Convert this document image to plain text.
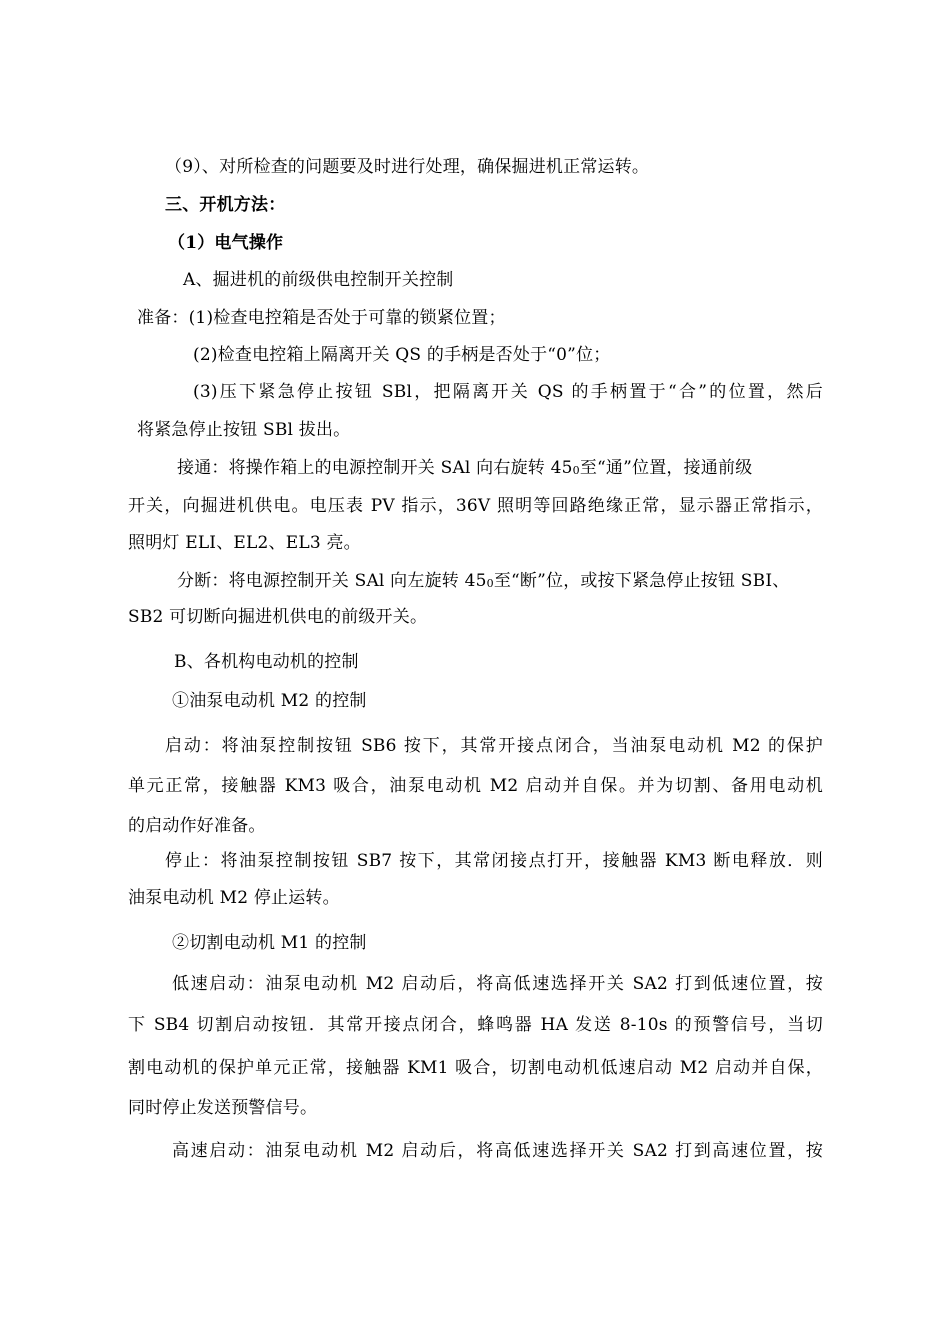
（9）、对所检查的问题要及时进行处理，确保掘进机正常运转。
三、开机方法：
（1）电气操作
A、掘进机的前级供电控制开关控制
准备：(1)检查电控箱是否处于可靠的锁紧位置；
(2)检查电控箱上隔离开关 QS 的手柄是否处于“0”位；
(3)压下紧急停止按钮 SBl，把隔离开关 QS 的手柄置于“合”的位置，然后
将紧急停止按钮 SBl 拔出。
接通：将操作箱上的电源控制开关 SAl 向右旋转 $45_0$至“通”位置，接通前级
开关，向掘进机供电。电压表 PV 指示，36V 照明等回路绝缘正常，显示器正常指示，
照明灯 ELI、EL2、EL3 亮。
分断：将电源控制开关 SAl 向左旋转 $45_0$至“断”位，或按下紧急停止按钮 SBI、
SB2 可切断向掘进机供电的前级开关。
B、各机构电动机的控制
①油泵电动机 M2 的控制
启动：将油泵控制按钮 SB6 按下，其常开接点闭合，当油泵电动机 M2 的保护
单元正常，接触器 KM3 吸合，油泵电动机 M2 启动并自保。并为切割、备用电动机
的启动作好准备。
停止：将油泵控制按钮 SB7 按下，其常闭接点打开，接触器 KM3 断电释放．则
油泵电动机 M2 停止运转。
②切割电动机 M1 的控制
低速启动：油泵电动机 M2 启动后，将高低速选择开关 SA2 打到低速位置，按
下 SB4 切割启动按钮．其常开接点闭合，蜂鸣器 HA 发送 8-10s 的预警信号，当切
割电动机的保护单元正常，接触器 KM1 吸合，切割电动机低速启动 M2 启动并自保，
同时停止发送预警信号。
高速启动：油泵电动机 M2 启动后，将高低速选择开关 SA2 打到高速位置，按
